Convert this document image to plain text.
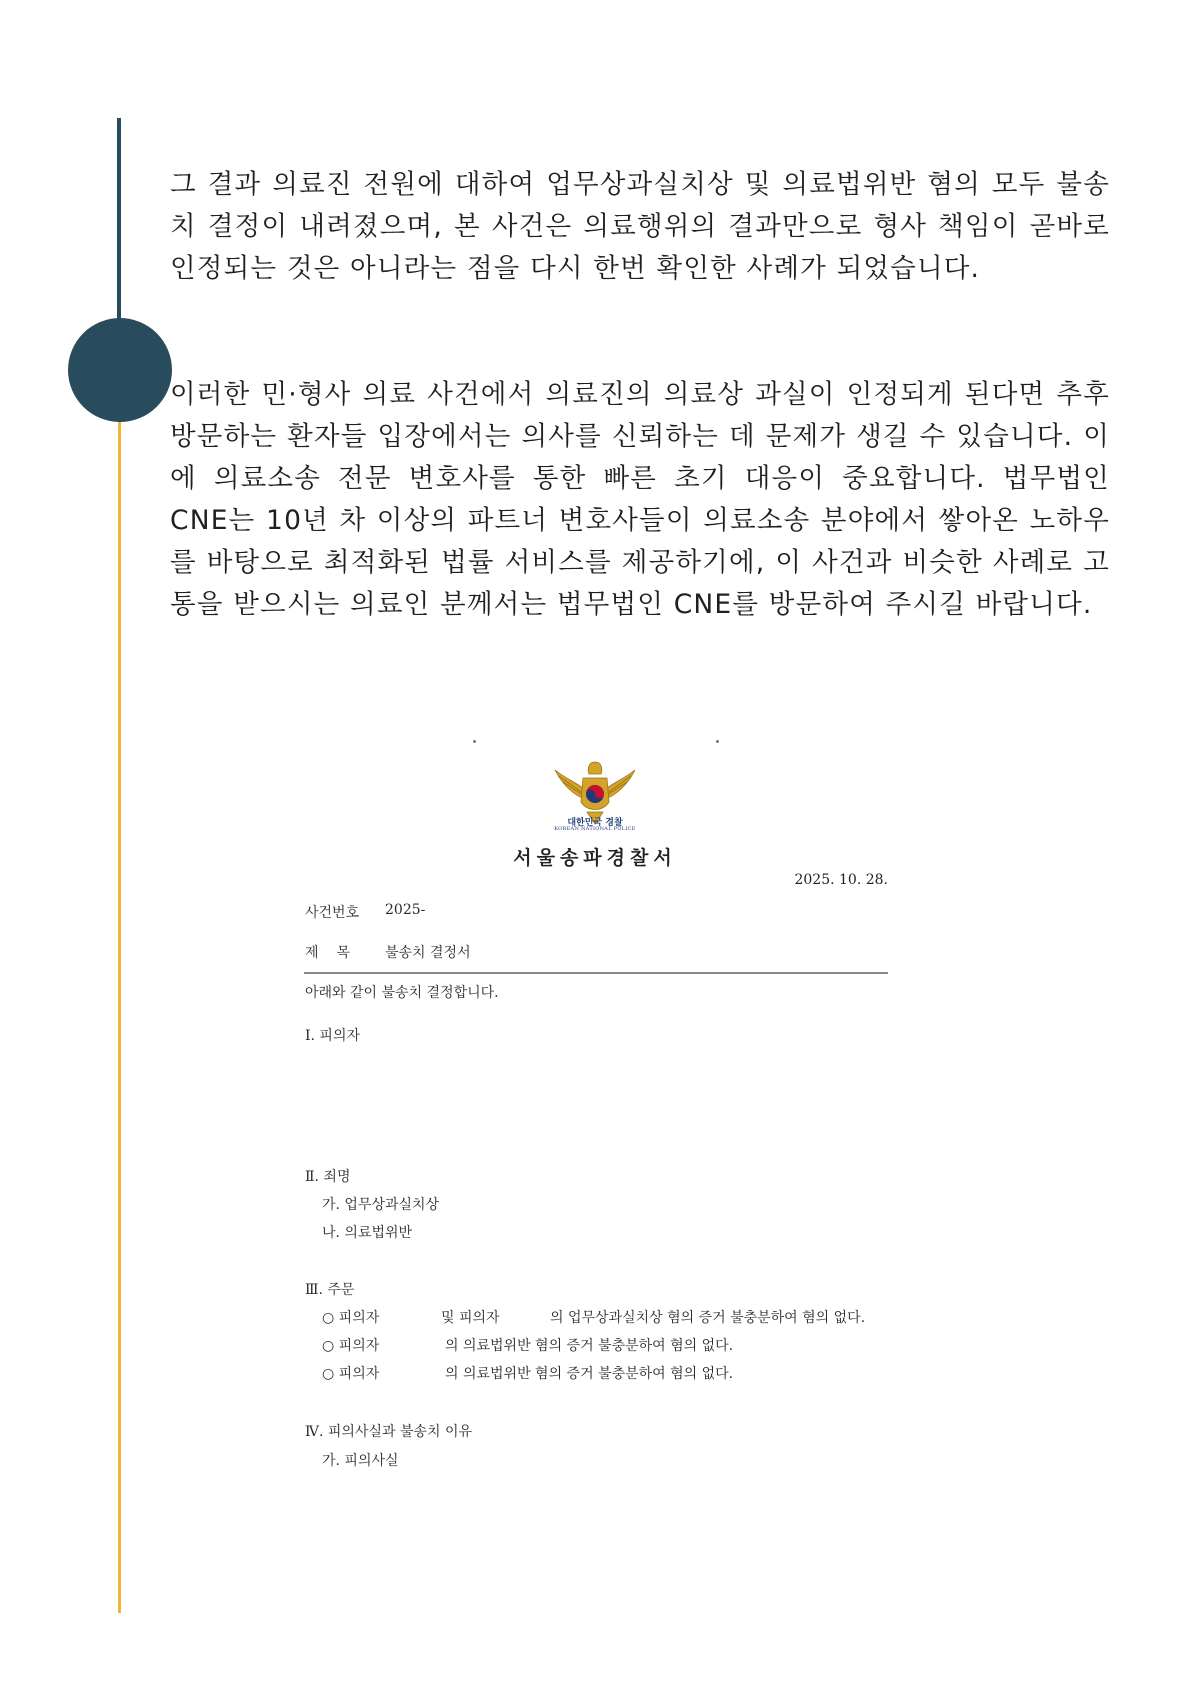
그 결과 의료진 전원에 대하여 업무상과실치상 및 의료법위반 혐의 모두 불송치 결정이 내려졌으며, 본 사건은 의료행위의 결과만으로 형사 책임이 곧바로 인정되는 것은 아니라는 점을 다시 한번 확인한 사례가 되었습니다.

이러한 민·형사 의료 사건에서 의료진의 의료상 과실이 인정되게 된다면 추후 방문하는 환자들 입장에서는 의사를 신뢰하는 데 문제가 생길 수 있습니다. 이에 의료소송 전문 변호사를 통한 빠른 초기 대응이 중요합니다. 법무법인 CNE는 10년 차 이상의 파트너 변호사들이 의료소송 분야에서 쌓아온 노하우를 바탕으로 최적화된 법률 서비스를 제공하기에, 이 사건과 비슷한 사례로 고통을 받으시는 의료인 분께서는 법무법인 CNE를 방문하여 주시길 바랍니다.

대한민국 경찰
KOREAN NATIONAL POLICE
서울송파경찰서
2025. 10. 28.
사건번호 2025-
제    목	불송치 결정서
아래와 같이 불송치 결정합니다.
Ⅰ. 피의자
Ⅱ. 죄명
가. 업무상과실치상
나. 의료법위반
Ⅲ. 주문
○ 피의자	및 피의자	의 업무상과실치상 혐의 증거 불충분하여 혐의 없다.
○ 피의자	의 의료법위반 혐의 증거 불충분하여 혐의 없다.
○ 피의자	의 의료법위반 혐의 증거 불충분하여 혐의 없다.
Ⅳ. 피의사실과 불송치 이유
가. 피의사실
